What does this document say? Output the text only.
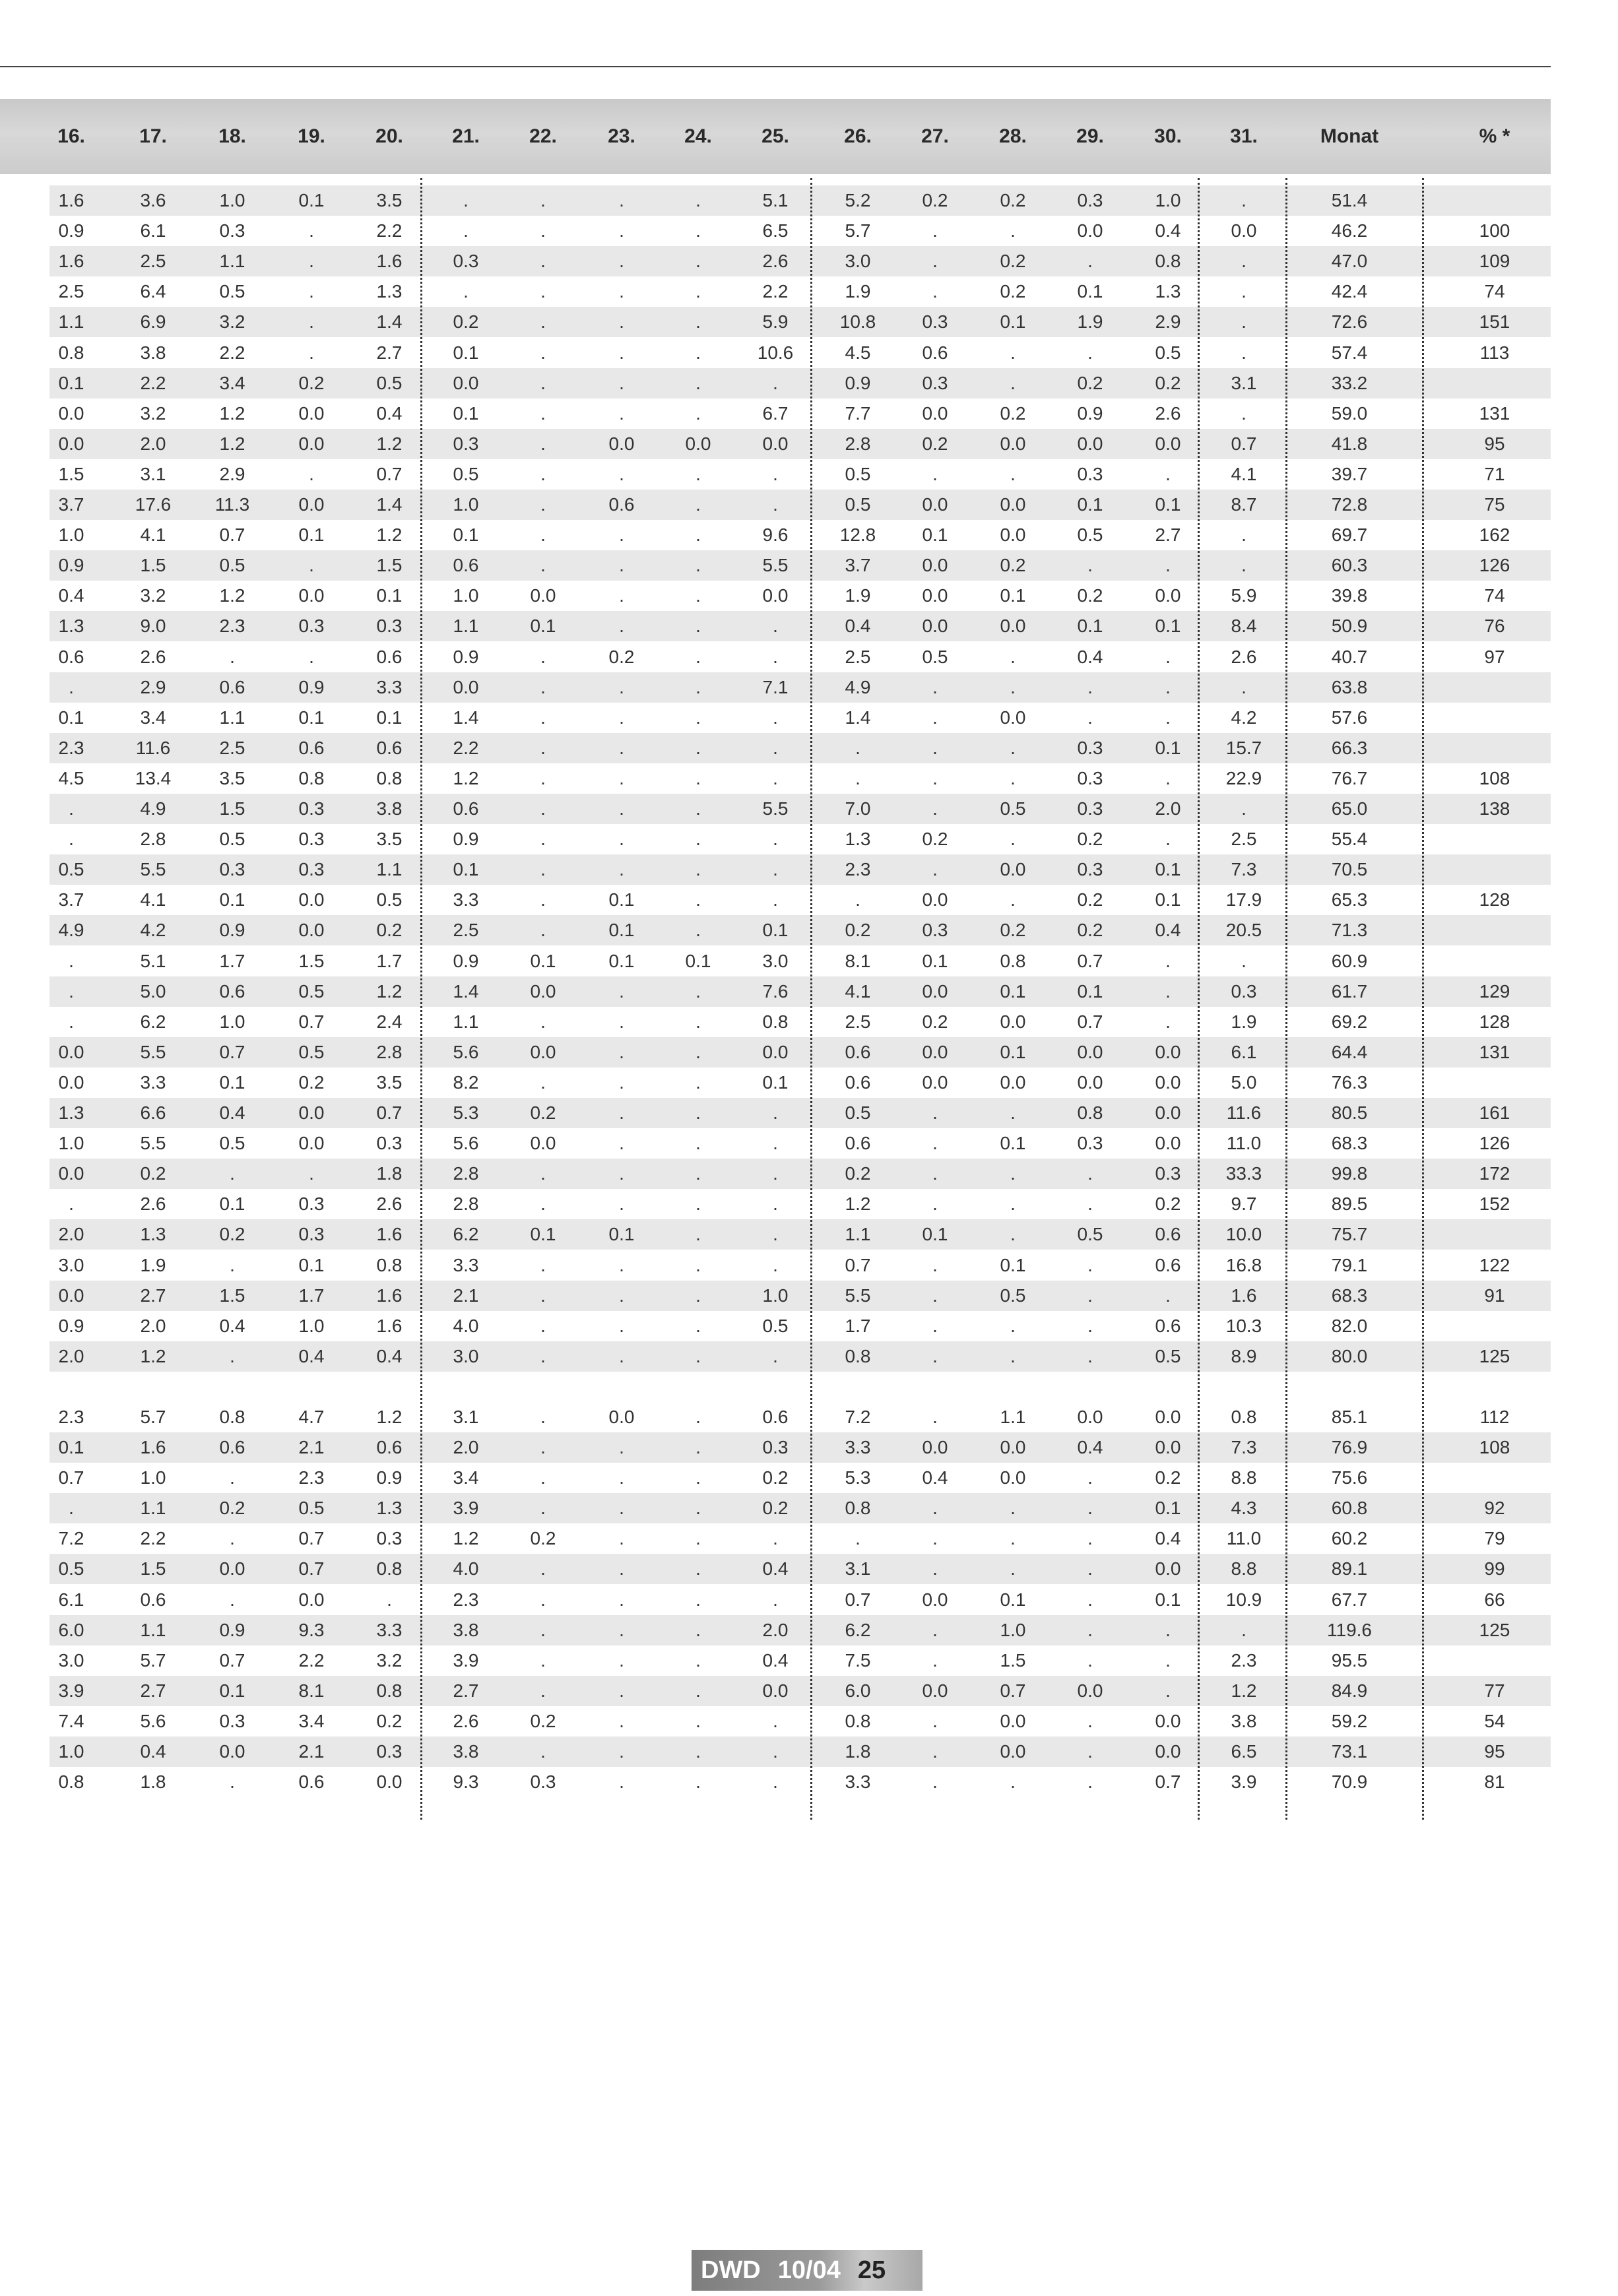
16.	17.	18.	19.	20.	21.	22.	23.	24.	25.	26.	27.	28.	29.	30.	31.	Monat	% *
1.6	3.6	1.0	0.1	3.5	.	.	.	.	5.1	5.2	0.2	0.2	0.3	1.0	.	51.4
0.9	6.1	0.3	.	2.2	.	.	.	.	6.5	5.7	.	.	0.0	0.4	0.0	46.2	100
1.6	2.5	1.1	.	1.6	0.3	.	.	.	2.6	3.0	.	0.2	.	0.8	.	47.0	109
2.5	6.4	0.5	.	1.3	.	.	.	.	2.2	1.9	.	0.2	0.1	1.3	.	42.4	74
1.1	6.9	3.2	.	1.4	0.2	.	.	.	5.9	10.8	0.3	0.1	1.9	2.9	.	72.6	151
0.8	3.8	2.2	.	2.7	0.1	.	.	.	10.6	4.5	0.6	.	.	0.5	.	57.4	113
0.1	2.2	3.4	0.2	0.5	0.0	.	.	.	.	0.9	0.3	.	0.2	0.2	3.1	33.2
0.0	3.2	1.2	0.0	0.4	0.1	.	.	.	6.7	7.7	0.0	0.2	0.9	2.6	.	59.0	131
0.0	2.0	1.2	0.0	1.2	0.3	.	0.0	0.0	0.0	2.8	0.2	0.0	0.0	0.0	0.7	41.8	95
1.5	3.1	2.9	.	0.7	0.5	.	.	.	.	0.5	.	.	0.3	.	4.1	39.7	71
3.7	17.6	11.3	0.0	1.4	1.0	.	0.6	.	.	0.5	0.0	0.0	0.1	0.1	8.7	72.8	75
1.0	4.1	0.7	0.1	1.2	0.1	.	.	.	9.6	12.8	0.1	0.0	0.5	2.7	.	69.7	162
0.9	1.5	0.5	.	1.5	0.6	.	.	.	5.5	3.7	0.0	0.2	.	.	.	60.3	126
0.4	3.2	1.2	0.0	0.1	1.0	0.0	.	.	0.0	1.9	0.0	0.1	0.2	0.0	5.9	39.8	74
1.3	9.0	2.3	0.3	0.3	1.1	0.1	.	.	.	0.4	0.0	0.0	0.1	0.1	8.4	50.9	76
0.6	2.6	.	.	0.6	0.9	.	0.2	.	.	2.5	0.5	.	0.4	.	2.6	40.7	97
.	2.9	0.6	0.9	3.3	0.0	.	.	.	7.1	4.9	.	.	.	.	.	63.8
0.1	3.4	1.1	0.1	0.1	1.4	.	.	.	.	1.4	.	0.0	.	.	4.2	57.6
2.3	11.6	2.5	0.6	0.6	2.2	.	.	.	.	.	.	.	0.3	0.1	15.7	66.3
4.5	13.4	3.5	0.8	0.8	1.2	.	.	.	.	.	.	.	0.3	.	22.9	76.7	108
.	4.9	1.5	0.3	3.8	0.6	.	.	.	5.5	7.0	.	0.5	0.3	2.0	.	65.0	138
.	2.8	0.5	0.3	3.5	0.9	.	.	.	.	1.3	0.2	.	0.2	.	2.5	55.4
0.5	5.5	0.3	0.3	1.1	0.1	.	.	.	.	2.3	.	0.0	0.3	0.1	7.3	70.5
3.7	4.1	0.1	0.0	0.5	3.3	.	0.1	.	.	.	0.0	.	0.2	0.1	17.9	65.3	128
4.9	4.2	0.9	0.0	0.2	2.5	.	0.1	.	0.1	0.2	0.3	0.2	0.2	0.4	20.5	71.3
.	5.1	1.7	1.5	1.7	0.9	0.1	0.1	0.1	3.0	8.1	0.1	0.8	0.7	.	.	60.9
.	5.0	0.6	0.5	1.2	1.4	0.0	.	.	7.6	4.1	0.0	0.1	0.1	.	0.3	61.7	129
.	6.2	1.0	0.7	2.4	1.1	.	.	.	0.8	2.5	0.2	0.0	0.7	.	1.9	69.2	128
0.0	5.5	0.7	0.5	2.8	5.6	0.0	.	.	0.0	0.6	0.0	0.1	0.0	0.0	6.1	64.4	131
0.0	3.3	0.1	0.2	3.5	8.2	.	.	.	0.1	0.6	0.0	0.0	0.0	0.0	5.0	76.3
1.3	6.6	0.4	0.0	0.7	5.3	0.2	.	.	.	0.5	.	.	0.8	0.0	11.6	80.5	161
1.0	5.5	0.5	0.0	0.3	5.6	0.0	.	.	.	0.6	.	0.1	0.3	0.0	11.0	68.3	126
0.0	0.2	.	.	1.8	2.8	.	.	.	.	0.2	.	.	.	0.3	33.3	99.8	172
.	2.6	0.1	0.3	2.6	2.8	.	.	.	.	1.2	.	.	.	0.2	9.7	89.5	152
2.0	1.3	0.2	0.3	1.6	6.2	0.1	0.1	.	.	1.1	0.1	.	0.5	0.6	10.0	75.7
3.0	1.9	.	0.1	0.8	3.3	.	.	.	.	0.7	.	0.1	.	0.6	16.8	79.1	122
0.0	2.7	1.5	1.7	1.6	2.1	.	.	.	1.0	5.5	.	0.5	.	.	1.6	68.3	91
0.9	2.0	0.4	1.0	1.6	4.0	.	.	.	0.5	1.7	.	.	.	0.6	10.3	82.0
2.0	1.2	.	0.4	0.4	3.0	.	.	.	.	0.8	.	.	.	0.5	8.9	80.0	125
2.3	5.7	0.8	4.7	1.2	3.1	.	0.0	.	0.6	7.2	.	1.1	0.0	0.0	0.8	85.1	112
0.1	1.6	0.6	2.1	0.6	2.0	.	.	.	0.3	3.3	0.0	0.0	0.4	0.0	7.3	76.9	108
0.7	1.0	.	2.3	0.9	3.4	.	.	.	0.2	5.3	0.4	0.0	.	0.2	8.8	75.6
.	1.1	0.2	0.5	1.3	3.9	.	.	.	0.2	0.8	.	.	.	0.1	4.3	60.8	92
7.2	2.2	.	0.7	0.3	1.2	0.2	.	.	.	.	.	.	.	0.4	11.0	60.2	79
0.5	1.5	0.0	0.7	0.8	4.0	.	.	.	0.4	3.1	.	.	.	0.0	8.8	89.1	99
6.1	0.6	.	0.0	.	2.3	.	.	.	.	0.7	0.0	0.1	.	0.1	10.9	67.7	66
6.0	1.1	0.9	9.3	3.3	3.8	.	.	.	2.0	6.2	.	1.0	.	.	.	119.6	125
3.0	5.7	0.7	2.2	3.2	3.9	.	.	.	0.4	7.5	.	1.5	.	.	2.3	95.5
3.9	2.7	0.1	8.1	0.8	2.7	.	.	.	0.0	6.0	0.0	0.7	0.0	.	1.2	84.9	77
7.4	5.6	0.3	3.4	0.2	2.6	0.2	.	.	.	0.8	.	0.0	.	0.0	3.8	59.2	54
1.0	0.4	0.0	2.1	0.3	3.8	.	.	.	.	1.8	.	0.0	.	0.0	6.5	73.1	95
0.8	1.8	.	0.6	0.0	9.3	0.3	.	.	.	3.3	.	.	.	0.7	3.9	70.9	81
DWD 10/04 25
